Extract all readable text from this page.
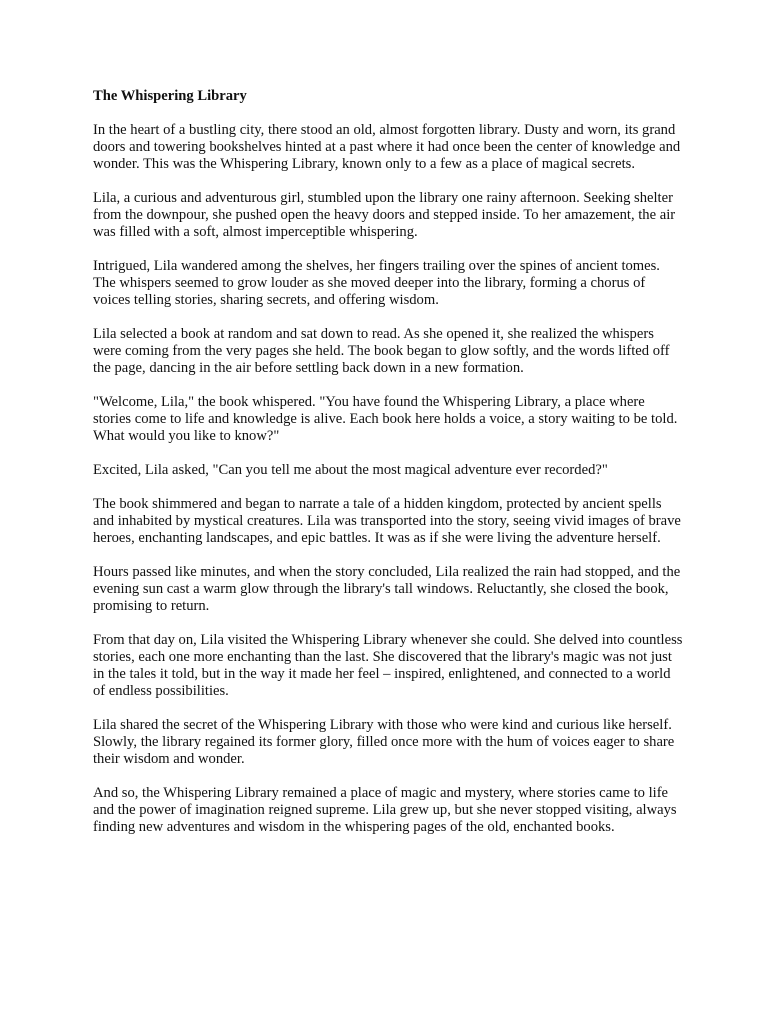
The Whispering Library

In the heart of a bustling city, there stood an old, almost forgotten library. Dusty and worn, its grand doors and towering bookshelves hinted at a past where it had once been the center of knowledge and wonder. This was the Whispering Library, known only to a few as a place of magical secrets.

Lila, a curious and adventurous girl, stumbled upon the library one rainy afternoon. Seeking shelter from the downpour, she pushed open the heavy doors and stepped inside. To her amazement, the air was filled with a soft, almost imperceptible whispering.

Intrigued, Lila wandered among the shelves, her fingers trailing over the spines of ancient tomes. The whispers seemed to grow louder as she moved deeper into the library, forming a chorus of voices telling stories, sharing secrets, and offering wisdom.

Lila selected a book at random and sat down to read. As she opened it, she realized the whispers were coming from the very pages she held. The book began to glow softly, and the words lifted off the page, dancing in the air before settling back down in a new formation.

"Welcome, Lila," the book whispered. "You have found the Whispering Library, a place where stories come to life and knowledge is alive. Each book here holds a voice, a story waiting to be told. What would you like to know?"

Excited, Lila asked, "Can you tell me about the most magical adventure ever recorded?"

The book shimmered and began to narrate a tale of a hidden kingdom, protected by ancient spells and inhabited by mystical creatures. Lila was transported into the story, seeing vivid images of brave heroes, enchanting landscapes, and epic battles. It was as if she were living the adventure herself.

Hours passed like minutes, and when the story concluded, Lila realized the rain had stopped, and the evening sun cast a warm glow through the library's tall windows. Reluctantly, she closed the book, promising to return.

From that day on, Lila visited the Whispering Library whenever she could. She delved into countless stories, each one more enchanting than the last. She discovered that the library's magic was not just in the tales it told, but in the way it made her feel – inspired, enlightened, and connected to a world of endless possibilities.

Lila shared the secret of the Whispering Library with those who were kind and curious like herself. Slowly, the library regained its former glory, filled once more with the hum of voices eager to share their wisdom and wonder.

And so, the Whispering Library remained a place of magic and mystery, where stories came to life and the power of imagination reigned supreme. Lila grew up, but she never stopped visiting, always finding new adventures and wisdom in the whispering pages of the old, enchanted books.
